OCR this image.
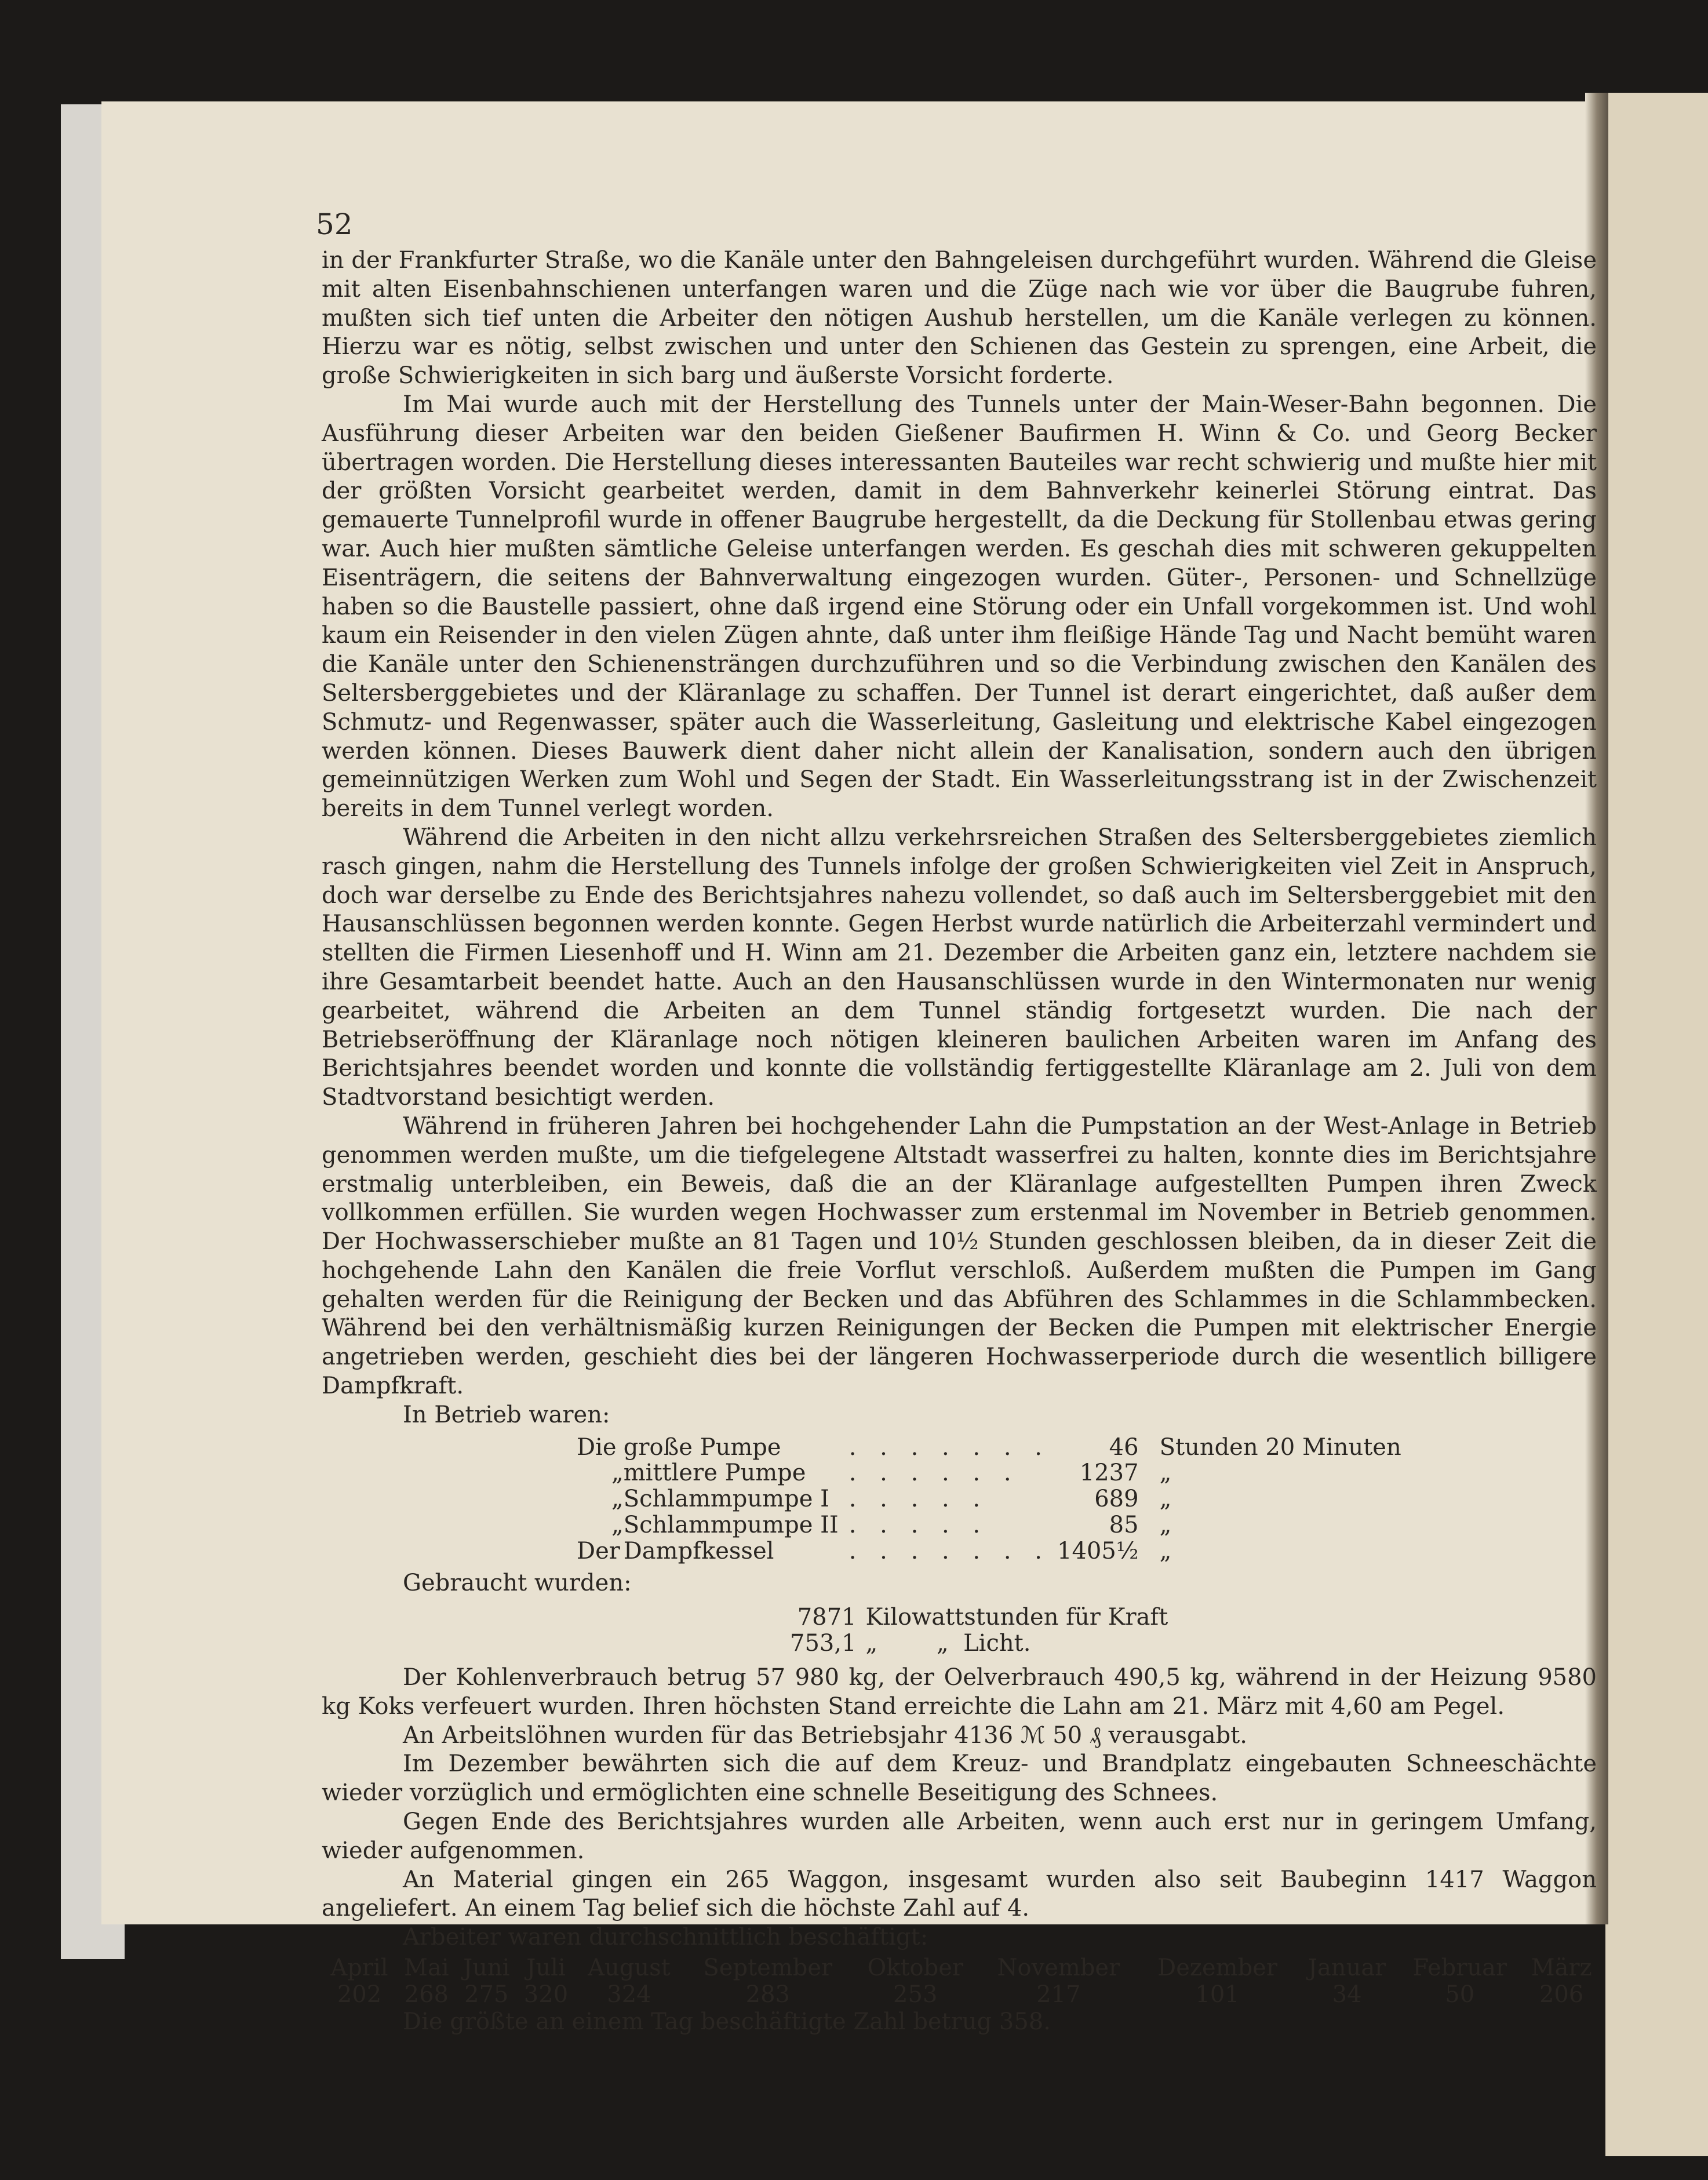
52

in der Frankfurter Straße, wo die Kanäle unter den Bahngeleisen durchgeführt wurden. Während die Gleise mit alten Eisenbahnschienen unterfangen waren und die Züge nach wie vor über die Baugrube fuhren, mußten sich tief unten die Arbeiter den nötigen Aushub herstellen, um die Kanäle verlegen zu können. Hierzu war es nötig, selbst zwischen und unter den Schienen das Gestein zu sprengen, eine Arbeit, die große Schwierigkeiten in sich barg und äußerste Vorsicht forderte.

Im Mai wurde auch mit der Herstellung des Tunnels unter der Main-Weser-Bahn begonnen. Die Ausführung dieser Arbeiten war den beiden Gießener Baufirmen H. Winn & Co. und Georg Becker übertragen worden. Die Herstellung dieses interessanten Bauteiles war recht schwierig und mußte hier mit der größten Vorsicht gearbeitet werden, damit in dem Bahnverkehr keinerlei Störung eintrat. Das gemauerte Tunnelprofil wurde in offener Baugrube hergestellt, da die Deckung für Stollenbau etwas gering war. Auch hier mußten sämtliche Geleise unterfangen werden. Es geschah dies mit schweren gekuppelten Eisenträgern, die seitens der Bahnverwaltung eingezogen wurden. Güter-, Personen- und Schnellzüge haben so die Baustelle passiert, ohne daß irgend eine Störung oder ein Unfall vorgekommen ist. Und wohl kaum ein Reisender in den vielen Zügen ahnte, daß unter ihm fleißige Hände Tag und Nacht bemüht waren die Kanäle unter den Schienensträngen durchzuführen und so die Verbindung zwischen den Kanälen des Seltersberggebietes und der Kläranlage zu schaffen. Der Tunnel ist derart eingerichtet, daß außer dem Schmutz- und Regenwasser, später auch die Wasserleitung, Gasleitung und elektrische Kabel eingezogen werden können. Dieses Bauwerk dient daher nicht allein der Kanalisation, sondern auch den übrigen gemeinnützigen Werken zum Wohl und Segen der Stadt. Ein Wasserleitungsstrang ist in der Zwischenzeit bereits in dem Tunnel verlegt worden.

Während die Arbeiten in den nicht allzu verkehrsreichen Straßen des Seltersberggebietes ziemlich rasch gingen, nahm die Herstellung des Tunnels infolge der großen Schwierigkeiten viel Zeit in Anspruch, doch war derselbe zu Ende des Berichtsjahres nahezu vollendet, so daß auch im Seltersberggebiet mit den Hausanschlüssen begonnen werden konnte. Gegen Herbst wurde natürlich die Arbeiterzahl vermindert und stellten die Firmen Liesenhoff und H. Winn am 21. Dezember die Arbeiten ganz ein, letztere nachdem sie ihre Gesamtarbeit beendet hatte. Auch an den Hausanschlüssen wurde in den Wintermonaten nur wenig gearbeitet, während die Arbeiten an dem Tunnel ständig fortgesetzt wurden. Die nach der Betriebseröffnung der Kläranlage noch nötigen kleineren baulichen Arbeiten waren im Anfang des Berichtsjahres beendet worden und konnte die vollständig fertiggestellte Kläranlage am 2. Juli von dem Stadtvorstand besichtigt werden.

Während in früheren Jahren bei hochgehender Lahn die Pumpstation an der West-Anlage in Betrieb genommen werden mußte, um die tiefgelegene Altstadt wasserfrei zu halten, konnte dies im Berichtsjahre erstmalig unterbleiben, ein Beweis, daß die an der Kläranlage aufgestellten Pumpen ihren Zweck vollkommen erfüllen. Sie wurden wegen Hochwasser zum erstenmal im November in Betrieb genommen. Der Hochwasserschieber mußte an 81 Tagen und 10½ Stunden geschlossen bleiben, da in dieser Zeit die hochgehende Lahn den Kanälen die freie Vorflut verschloß. Außerdem mußten die Pumpen im Gang gehalten werden für die Reinigung der Becken und das Abführen des Schlammes in die Schlammbecken. Während bei den verhältnismäßig kurzen Reinigungen der Becken die Pumpen mit elektrischer Energie angetrieben werden, geschieht dies bei der längeren Hochwasserperiode durch die wesentlich billigere Dampfkraft.

In Betrieb waren:

Die	große Pumpe	. . . . . . .	46	Stunden 20 Minuten
„	mittlere Pumpe	. . . . . .	1237	„
„	Schlammpumpe I	. . . . .	689	„
„	Schlammpumpe II	. . . . .	85	„
Der	Dampfkessel	. . . . . . .	1405½	„

Gebraucht wurden:

7871	Kilowattstunden für Kraft
753,1	„        „  Licht.

Der Kohlenverbrauch betrug 57 980 kg, der Oelverbrauch 490,5 kg, während in der Heizung 9580 kg Koks verfeuert wurden. Ihren höchsten Stand erreichte die Lahn am 21. März mit 4,60 am Pegel.

An Arbeitslöhnen wurden für das Betriebsjahr 4136 ℳ 50 ₰ verausgabt.

Im Dezember bewährten sich die auf dem Kreuz- und Brandplatz eingebauten Schneeschächte wieder vorzüglich und ermöglichten eine schnelle Beseitigung des Schnees.

Gegen Ende des Berichtsjahres wurden alle Arbeiten, wenn auch erst nur in geringem Umfang, wieder aufgenommen.

An Material gingen ein 265 Waggon, insgesamt wurden also seit Baubeginn 1417 Waggon angeliefert. An einem Tag belief sich die höchste Zahl auf 4.

Arbeiter waren durchschnittlich beschäftigt:

April	Mai	Juni	Juli	August	September	Oktober	November	Dezember	Januar	Februar	März
202	268	275	320	324	283	253	217	101	34	50	206

Die größte an einem Tag beschäftigte Zahl betrug 358.
